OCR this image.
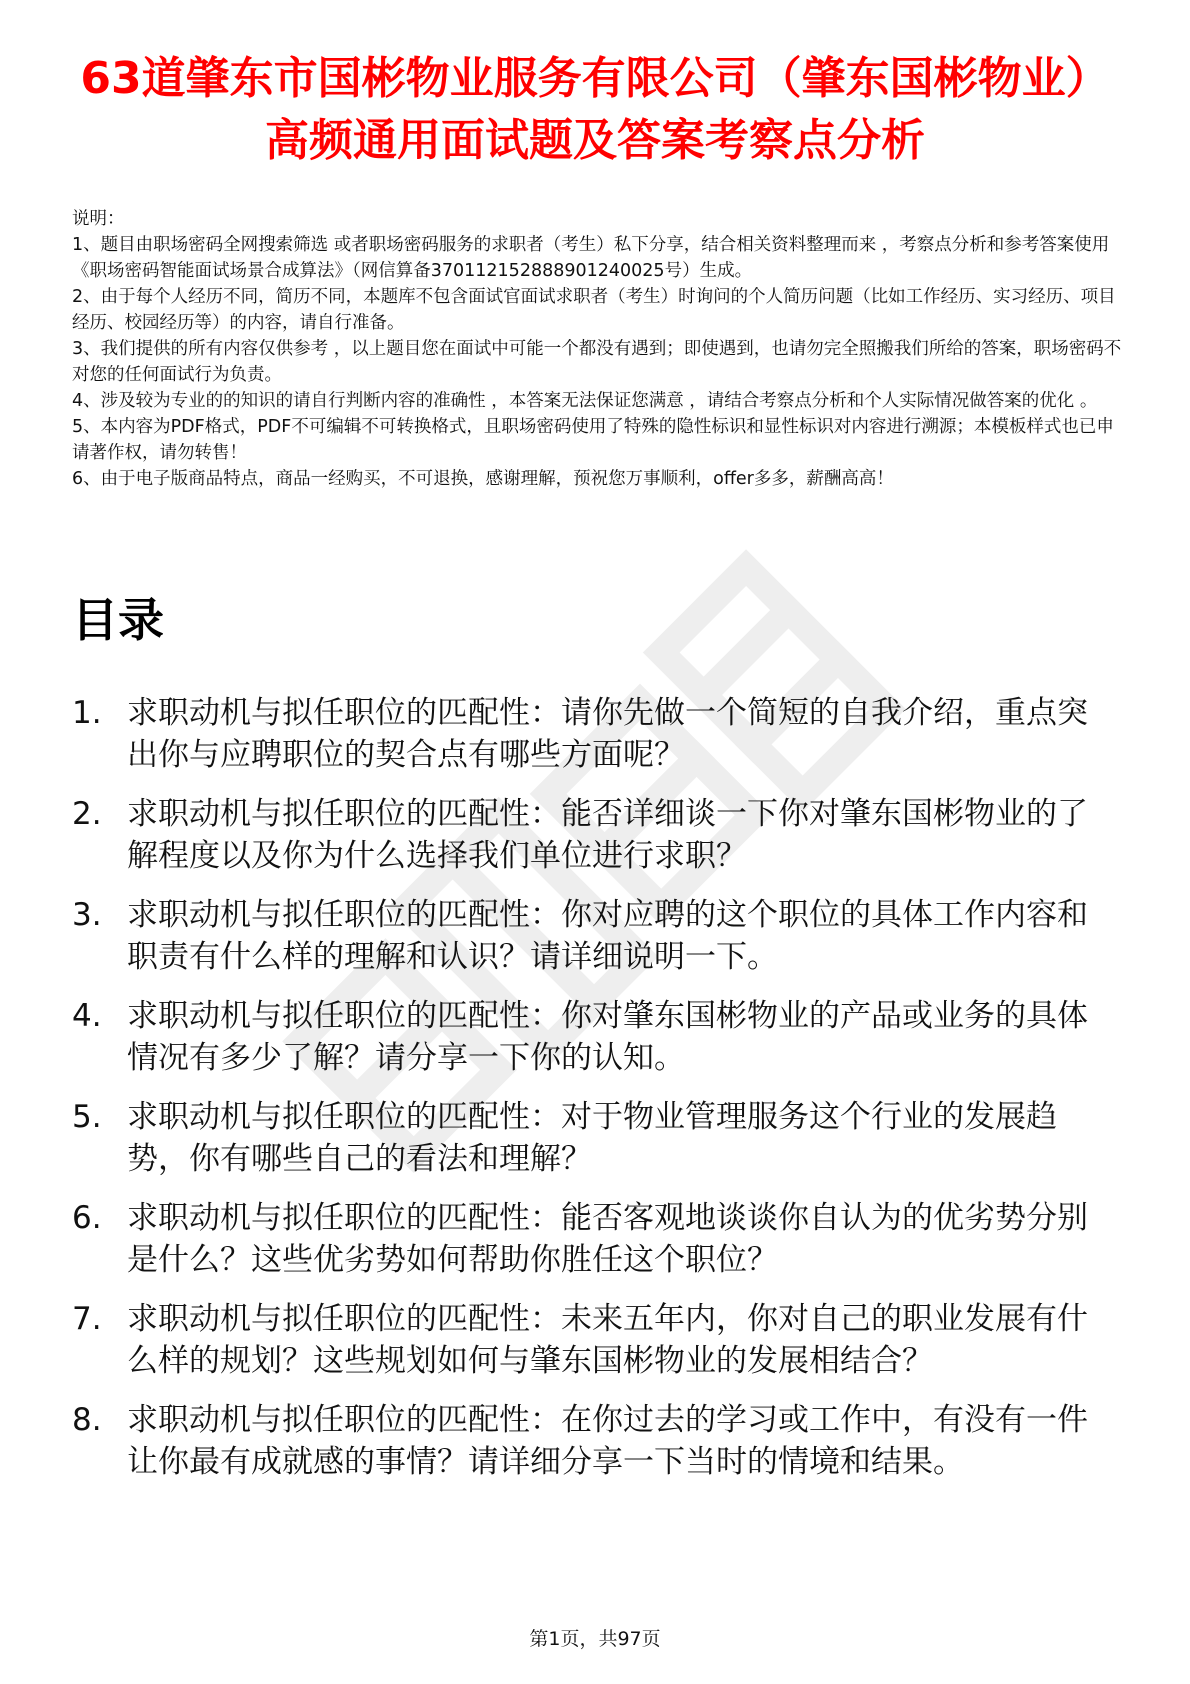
63道肇东市国彬物业服务有限公司（肇东国彬物业）高频通用面试题及答案考察点分析
说明：
1、题目由职场密码全网搜索筛选 或者职场密码服务的求职者（考生）私下分享，结合相关资料整理而来 ，考察点分析和参考答案使用《职场密码智能面试场景合成算法》（网信算备370112152888901240025号）生成。
2、由于每个人经历不同，简历不同，本题库不包含面试官面试求职者（考生）时询问的个人简历问题（比如工作经历、实习经历、项目经历、校园经历等）的内容，请自行准备。
3、我们提供的所有内容仅供参考 ，以上题目您在面试中可能一个都没有遇到；即使遇到，也请勿完全照搬我们所给的答案，职场密码不对您的任何面试行为负责。
4、涉及较为专业的的知识的请自行判断内容的准确性 ，本答案无法保证您满意 ，请结合考察点分析和个人实际情况做答案的优化 。
5、本内容为PDF格式，PDF不可编辑不可转换格式，且职场密码使用了特殊的隐性标识和显性标识对内容进行溯源；本模板样式也已申请著作权，请勿转售！
6、由于电子版商品特点，商品一经购买，不可退换，感谢理解，预祝您万事顺利，offer多多，薪酬高高！
目录
1. 求职动机与拟任职位的匹配性：请你先做一个简短的自我介绍，重点突出你与应聘职位的契合点有哪些方面呢？
2. 求职动机与拟任职位的匹配性：能否详细谈一下你对肇东国彬物业的了解程度以及你为什么选择我们单位进行求职？
3. 求职动机与拟任职位的匹配性：你对应聘的这个职位的具体工作内容和职责有什么样的理解和认识？请详细说明一下。
4. 求职动机与拟任职位的匹配性：你对肇东国彬物业的产品或业务的具体情况有多少了解？请分享一下你的认知。
5. 求职动机与拟任职位的匹配性：对于物业管理服务这个行业的发展趋势，你有哪些自己的看法和理解？
6. 求职动机与拟任职位的匹配性：能否客观地谈谈你自认为的优劣势分别是什么？这些优劣势如何帮助你胜任这个职位？
7. 求职动机与拟任职位的匹配性：未来五年内，你对自己的职业发展有什么样的规划？这些规划如何与肇东国彬物业的发展相结合？
8. 求职动机与拟任职位的匹配性：在你过去的学习或工作中，有没有一件让你最有成就感的事情？请详细分享一下当时的情境和结果。
第1页，共97页
